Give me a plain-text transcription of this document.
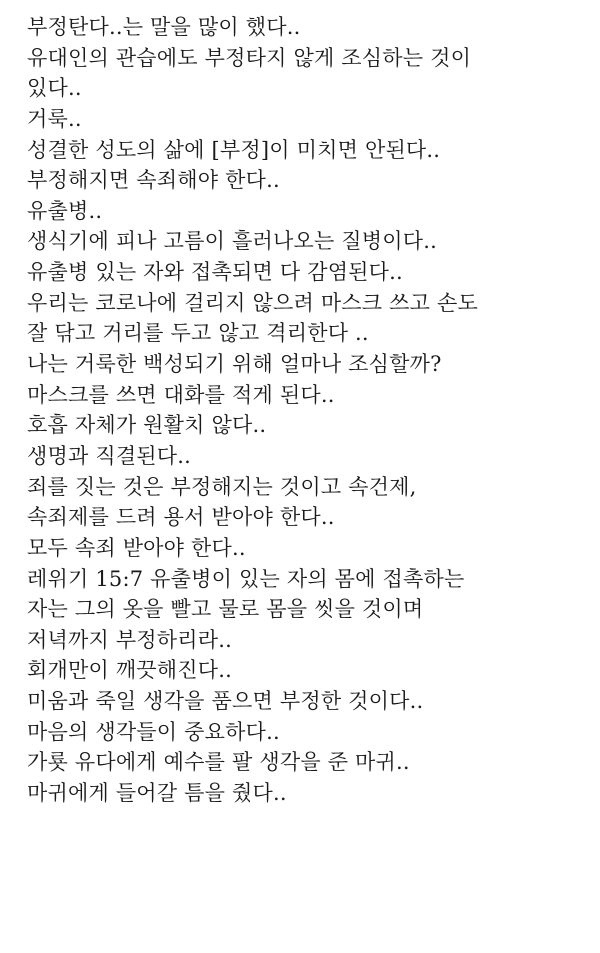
부정탄다..는 말을 많이 했다..
유대인의 관습에도 부정타지 않게 조심하는 것이
있다..
거룩..
성결한 성도의 삶에 [부정]이 미치면 안된다..
부정해지면 속죄해야 한다..
유출병..
생식기에 피나 고름이 흘러나오는 질병이다..
유출병 있는 자와 접촉되면 다 감염된다..
우리는 코로나에 걸리지 않으려 마스크 쓰고 손도
잘 닦고 거리를 두고 않고 격리한다 ..
나는 거룩한 백성되기 위해 얼마나 조심할까?
마스크를 쓰면 대화를 적게 된다..
호흡 자체가 원활치 않다..
생명과 직결된다..
죄를 짓는 것은 부정해지는 것이고 속건제,
속죄제를 드려 용서 받아야 한다..
모두 속죄 받아야 한다..
레위기 15:7 유출병이 있는 자의 몸에 접촉하는
자는 그의 옷을 빨고 물로 몸을 씻을 것이며
저녁까지 부정하리라..
회개만이 깨끗해진다..
미움과 죽일 생각을 품으면 부정한 것이다..
마음의 생각들이 중요하다..
가룟 유다에게 예수를 팔 생각을 준 마귀..
마귀에게 들어갈 틈을 줬다..
